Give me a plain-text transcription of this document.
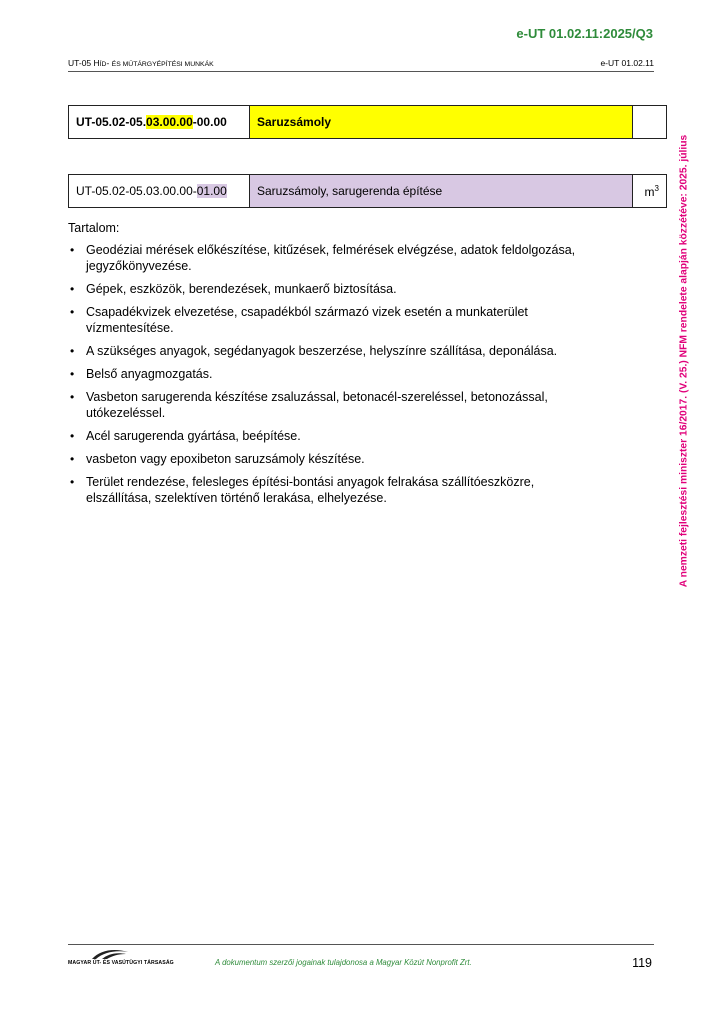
e-UT 01.02.11:2025/Q3
UT-05 HÍD- ÉS MŰTÁRGYÉPÍTÉSI MUNKÁK	e-UT 01.02.11
UT-05.02-05.03.00.00-00.00	Saruzsámoly	
UT-05.02-05.03.00.00-01.00	Saruzsámoly, sarugerenda építése	$m^3$
Tartalom:
• Geodéziai mérések előkészítése, kitűzések, felmérések elvégzése, adatok feldolgozása, jegyzőkönyvezése.
• Gépek, eszközök, berendezések, munkaerő biztosítása.
• Csapadékvizek elvezetése, csapadékból származó vizek esetén a munkaterület vízmentesítése.
• A szükséges anyagok, segédanyagok beszerzése, helyszínre szállítása, deponálása.
• Belső anyagmozgatás.
• Vasbeton sarugerenda készítése zsaluzással, betonacél-szereléssel, betonozással, utókezeléssel.
• Acél sarugerenda gyártása, beépítése.
• vasbeton vagy epoxibeton saruzsámoly készítése.
• Terület rendezése, felesleges építési-bontási anyagok felrakása szállítóeszközre, elszállítása, szelektíven történő lerakása, elhelyezése.	A nemzeti fejlesztési miniszter 16/2017. (V. 25.) NFM rendelete alapján közzétéve: 2025. július
MAGYAR ÚT- ÉS VASÚTÜGYI TÁRSASÁG	A dokumentum szerzői jogainak tulajdonosa a Magyar Közút Nonprofit Zrt.	119
